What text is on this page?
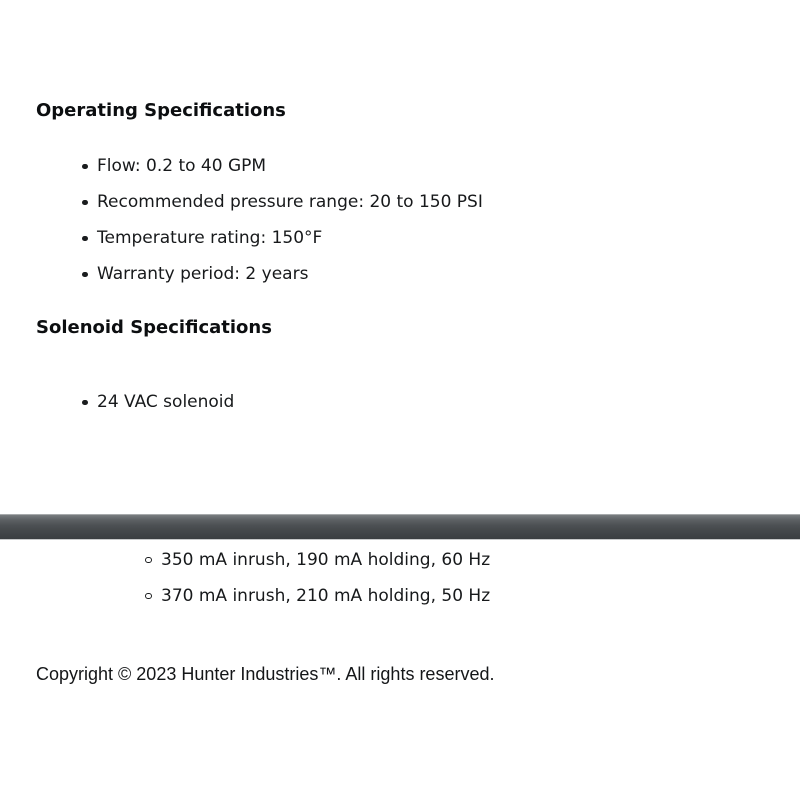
Operating Specifications
Flow: 0.2 to 40 GPM
Recommended pressure range: 20 to 150 PSI
Temperature rating: 150°F
Warranty period: 2 years
Solenoid Specifications
24 VAC solenoid
350 mA inrush, 190 mA holding, 60 Hz
370 mA inrush, 210 mA holding, 50 Hz

Copyright © 2023 Hunter Industries™. All rights reserved.
